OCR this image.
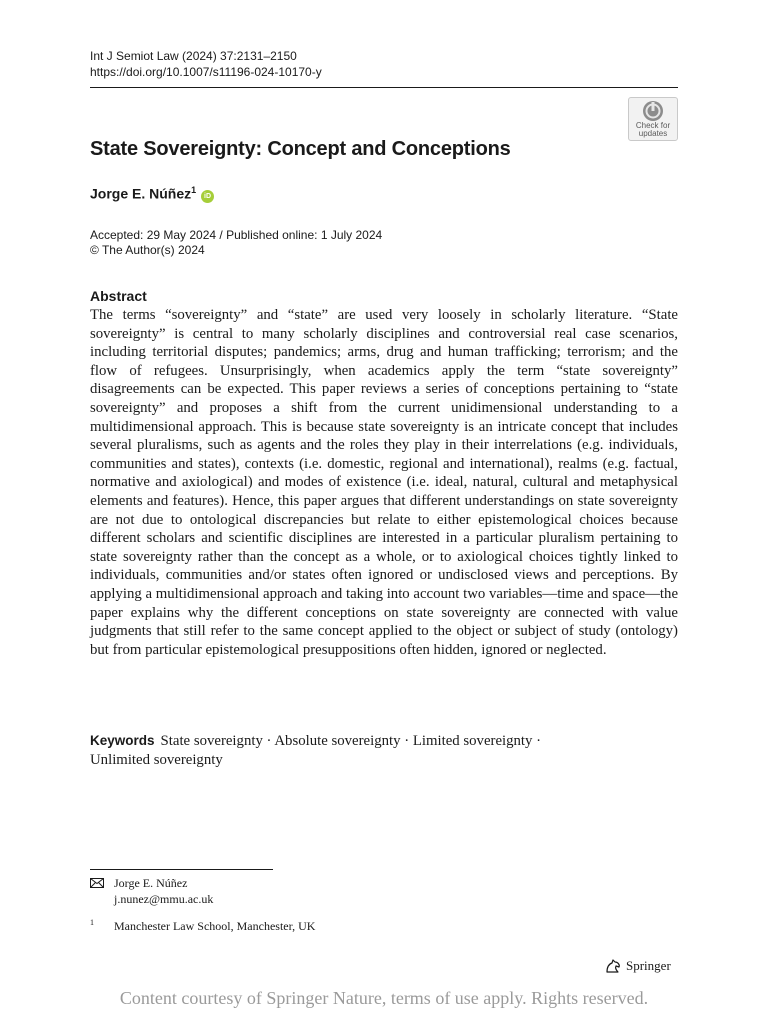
Int J Semiot Law (2024) 37:2131–2150
https://doi.org/10.1007/s11196-024-10170-y
Check for
updates
State Sovereignty: Concept and Conceptions
Jorge E. Núñez$^1$ iD
Accepted: 29 May 2024 / Published online: 1 July 2024
© The Author(s) 2024
Abstract
The terms “sovereignty” and “state” are used very loosely in scholarly literature. “State sovereignty” is central to many scholarly disciplines and controversial real case scenarios, including territorial disputes; pandemics; arms, drug and human trafficking; terrorism; and the flow of refugees. Unsurprisingly, when academics apply the term “state sovereignty” disagreements can be expected. This paper reviews a series of conceptions pertaining to “state sovereignty” and proposes a shift from the current unidimensional understanding to a multidimensional approach. This is because state sovereignty is an intricate concept that includes several pluralisms, such as agents and the roles they play in their interrelations (e.g. individuals, communities and states), contexts (i.e. domestic, regional and international), realms (e.g. factual, normative and axiological) and modes of existence (i.e. ideal, natural, cultural and metaphysical elements and features). Hence, this paper argues that different understandings on state sovereignty are not due to ontological discrepancies but relate to either epistemological choices because different scholars and scientific disciplines are interested in a particular pluralism pertaining to state sovereignty rather than the concept as a whole, or to axiological choices tightly linked to individuals, communities and/or states often ignored or undisclosed views and perceptions. By applying a multidimensional approach and taking into account two variables—time and space—the paper explains why the different conceptions on state sovereignty are connected with value judgments that still refer to the same concept applied to the object or subject of study (ontology) but from particular epistemological presuppositions often hidden, ignored or neglected.
Keywords State sovereignty · Absolute sovereignty · Limited sovereignty ·
Unlimited sovereignty
Jorge E. Núñez
j.nunez@mmu.ac.uk
1 Manchester Law School, Manchester, UK
Springer
Content courtesy of Springer Nature, terms of use apply. Rights reserved.
